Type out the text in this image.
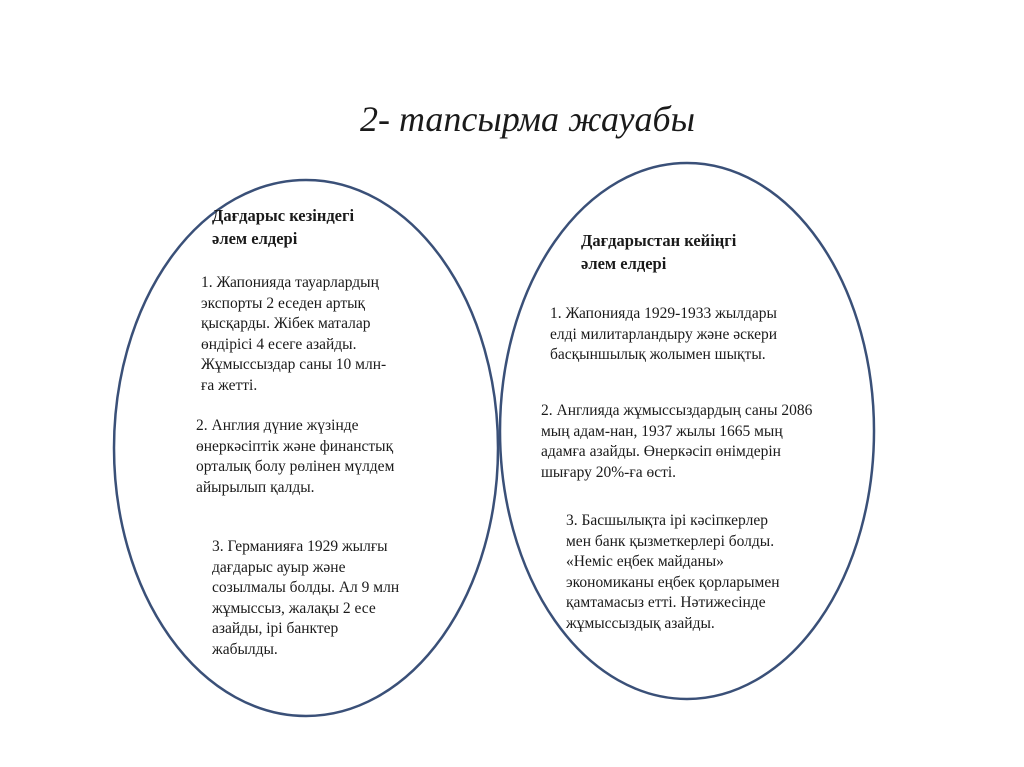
2- тапсырма жауабы
Дағдарыс кезіндегі
әлем елдері	Дағдарыстан кейіңгі
әлем елдері
1. Жапонияда тауарлардың
экспорты 2 еседен артық
қысқарды. Жібек маталар
өндірісі 4 есеге азайды.
Жұмыссыздар саны 10 млн-
ға жетті.
2. Англия дүние жүзінде
өнеркәсіптік және финанстық
орталық болу рөлінен мүлдем
айырылып қалды.
3. Германияға 1929 жылғы
дағдарыс ауыр және
созылмалы болды. Ал 9 млн
жұмыссыз, жалақы 2 есе
азайды, ірі банктер
жабылды.
1. Жапонияда 1929-1933 жылдары
елді милитарландыру және әскери
басқыншылық жолымен шықты.
2. Англияда жұмыссыздардың саны 2086
мың адам-нан, 1937 жылы 1665 мың
адамға азайды. Өнеркәсіп өнімдерін
шығару 20%-ға өсті.
3. Басшылықта ірі кәсіпкерлер
мен банк қызметкерлері болды.
«Неміс еңбек майданы»
экономиканы еңбек қорларымен
қамтамасыз етті. Нәтижесінде
жұмыссыздық азайды.
